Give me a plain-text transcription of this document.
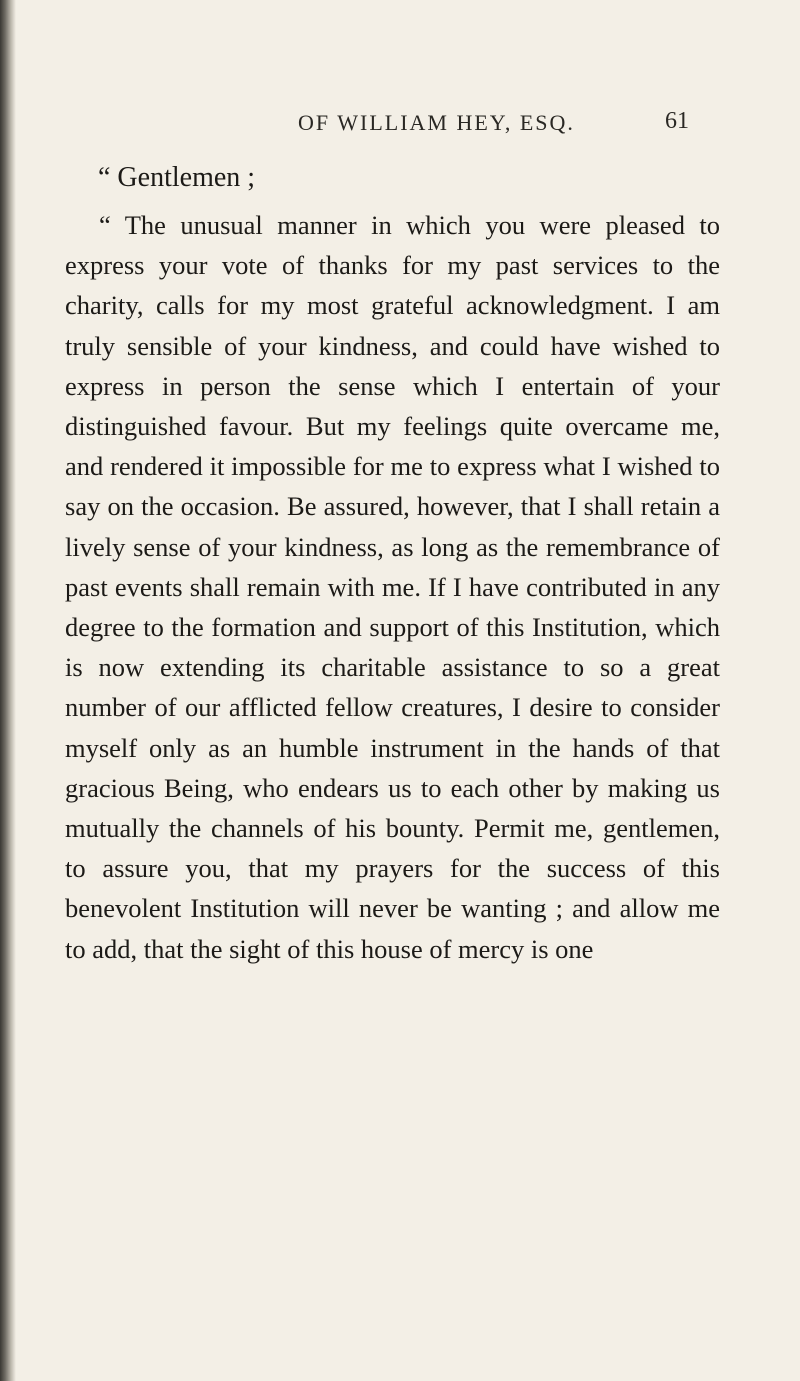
OF WILLIAM HEY, ESQ.	61
“ Gentlemen ;

“ The unusual manner in which you were pleased to express your vote of thanks for my past services to the charity, calls for my most grateful acknowledgment. I am truly sensible of your kindness, and could have wished to express in person the sense which I entertain of your distinguished favour. But my feelings quite overcame me, and rendered it impossible for me to express what I wished to say on the occasion. Be assured, however, that I shall retain a lively sense of your kindness, as long as the remembrance of past events shall remain with me. If I have contributed in any degree to the formation and support of this Institution, which is now extending its charitable assistance to so a great number of our afflicted fellow creatures, I desire to consider myself only as an humble instrument in the hands of that gracious Being, who endears us to each other by making us mutually the channels of his bounty. Permit me, gentlemen, to assure you, that my prayers for the success of this benevolent Institution will never be wanting ; and allow me to add, that the sight of this house of mercy is one
